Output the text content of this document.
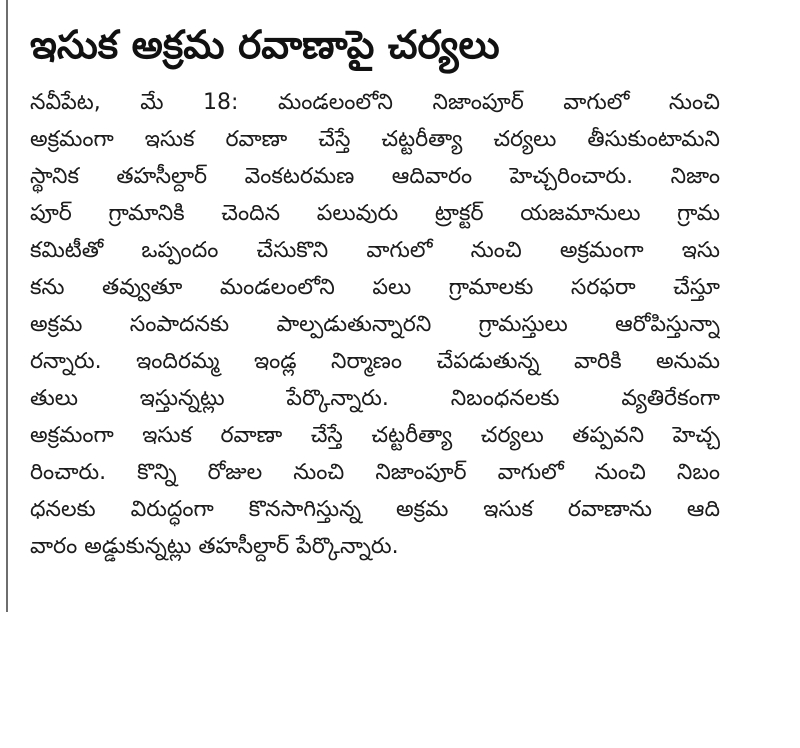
ఇసుక అక్రమ రవాణాపై చర్యలు
నవీపేట, మే 18: మండలంలోని నిజాంపూర్ వాగులో నుంచి
అక్రమంగా ఇసుక రవాణా చేస్తే చట్టరీత్యా చర్యలు తీసుకుంటామని
స్థానిక తహసీల్దార్ వెంకటరమణ ఆదివారం హెచ్చరించారు. నిజాం
పూర్ గ్రామానికి చెందిన పలువురు ట్రాక్టర్ యజమానులు గ్రామ
కమిటీతో ఒప్పందం చేసుకొని వాగులో నుంచి అక్రమంగా ఇసు
కను తవ్వుతూ మండలంలోని పలు గ్రామాలకు సరఫరా చేస్తూ
అక్రమ సంపాదనకు పాల్పడుతున్నారని గ్రామస్తులు ఆరోపిస్తున్నా
రన్నారు. ఇందిరమ్మ ఇండ్ల నిర్మాణం చేపడుతున్న వారికి అనుమ
తులు ఇస్తున్నట్లు పేర్కొన్నారు. నిబంధనలకు వ్యతిరేకంగా
అక్రమంగా ఇసుక రవాణా చేస్తే చట్టరీత్యా చర్యలు తప్పవని హెచ్చ
రించారు. కొన్ని రోజుల నుంచి నిజాంపూర్ వాగులో నుంచి నిబం
ధనలకు విరుద్ధంగా కొనసాగిస్తున్న అక్రమ ఇసుక రవాణాను ఆది
వారం అడ్డుకున్నట్లు తహసీల్దార్ పేర్కొన్నారు.
